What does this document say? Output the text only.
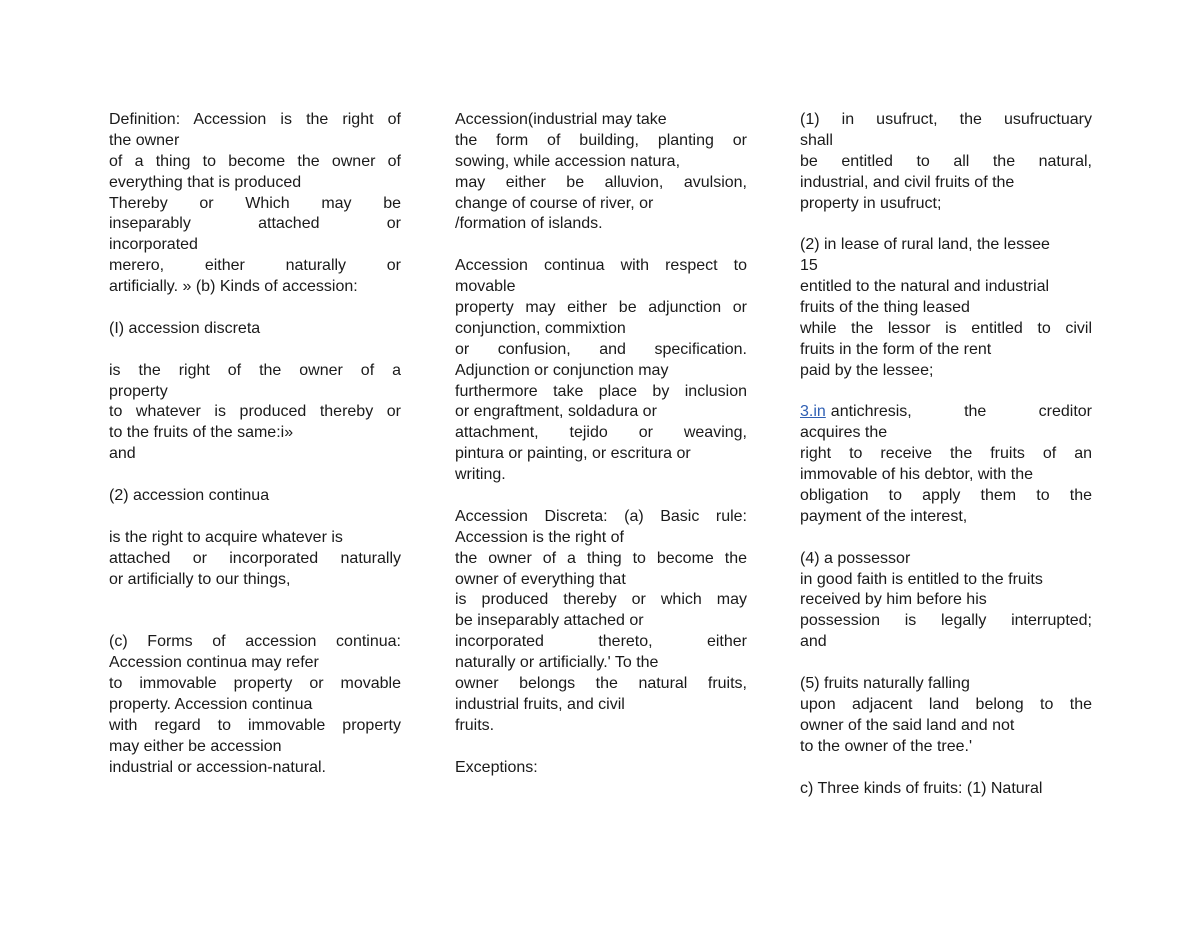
Definition: Accession is the right of
the owner
of a thing to become the owner of
everything that is produced
Thereby or Which may be
inseparably attached or
incorporated
merero, either naturally or
artificially. » (b) Kinds of accession:
(I) accession discreta
is the right of the owner of a
property
to whatever is produced thereby or
to the fruits of the same:i»
and
(2) accession continua
is the right to acquire whatever is
attached or incorporated naturally
or artificially to our things,
(c) Forms of accession continua:
Accession continua may refer
to immovable property or movable
property. Accession continua
with regard to immovable property
may either be accession
industrial or accession-natural.
Accession(industrial may take
the form of building, planting or
sowing, while accession natura,
may either be alluvion, avulsion,
change of course of river, or
/formation of islands.
Accession continua with respect to
movable
property may either be adjunction or
conjunction, commixtion
or confusion, and specification.
Adjunction or conjunction may
furthermore take place by inclusion
or engraftment, soldadura or
attachment, tejido or weaving,
pintura or painting, or escritura or
writing.
Accession Discreta: (a) Basic rule:
Accession is the right of
the owner of a thing to become the
owner of everything that
is produced thereby or which may
be inseparably attached or
incorporated thereto, either
naturally or artificially.' To the
owner belongs the natural fruits,
industrial fruits, and civil
fruits.
Exceptions:
(1) in usufruct, the usufructuary
shall
be entitled to all the natural,
industrial, and civil fruits of the
property in usufruct;
(2) in lease of rural land, the lessee
15
entitled to the natural and industrial
fruits of the thing leased
while the lessor is entitled to civil
fruits in the form of the rent
paid by the lessee;
3.in antichresis, the creditor
acquires the
right to receive the fruits of an
immovable of his debtor, with the
obligation to apply them to the
payment of the interest,
(4) a possessor
in good faith is entitled to the fruits
received by him before his
possession is legally interrupted;
and
(5) fruits naturally falling
upon adjacent land belong to the
owner of the said land and not
to the owner of the tree.'
c) Three kinds of fruits: (1) Natural
